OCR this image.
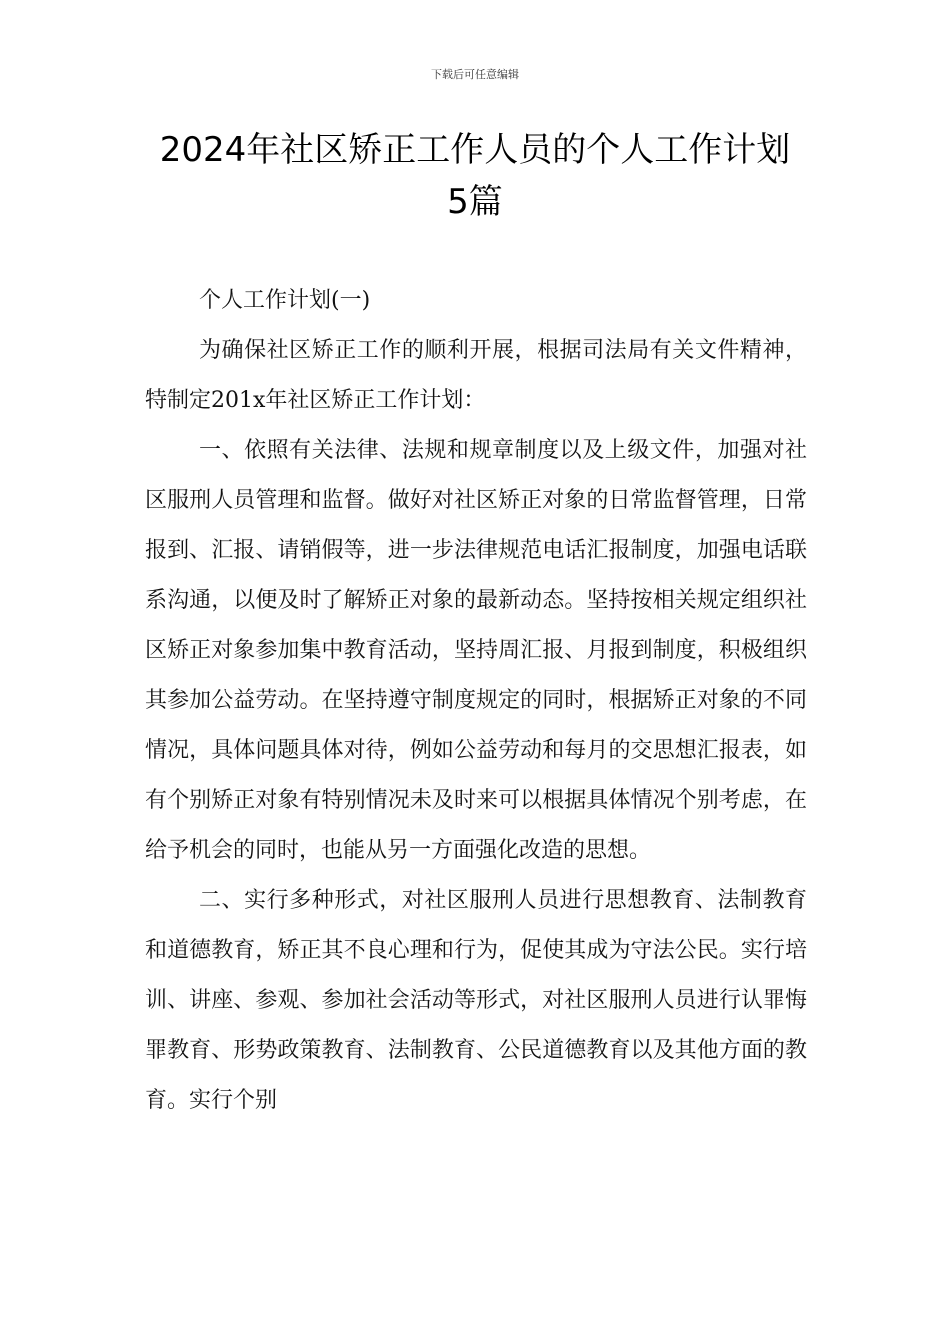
下载后可任意编辑
2024年社区矫正工作人员的个人工作计划
5篇
个人工作计划(一)

为确保社区矫正工作的顺利开展，根据司法局有关文件精神，特制定201x年社区矫正工作计划：

一、依照有关法律、法规和规章制度以及上级文件，加强对社区服刑人员管理和监督。做好对社区矫正对象的日常监督管理，日常报到、汇报、请销假等，进一步法律规范电话汇报制度，加强电话联系沟通，以便及时了解矫正对象的最新动态。坚持按相关规定组织社区矫正对象参加集中教育活动，坚持周汇报、月报到制度，积极组织其参加公益劳动。在坚持遵守制度规定的同时，根据矫正对象的不同情况，具体问题具体对待，例如公益劳动和每月的交思想汇报表，如有个别矫正对象有特别情况未及时来可以根据具体情况个别考虑，在给予机会的同时，也能从另一方面强化改造的思想。

二、实行多种形式，对社区服刑人员进行思想教育、法制教育和道德教育，矫正其不良心理和行为，促使其成为守法公民。实行培训、讲座、参观、参加社会活动等形式，对社区服刑人员进行认罪悔罪教育、形势政策教育、法制教育、公民道德教育以及其他方面的教育。实行个别
